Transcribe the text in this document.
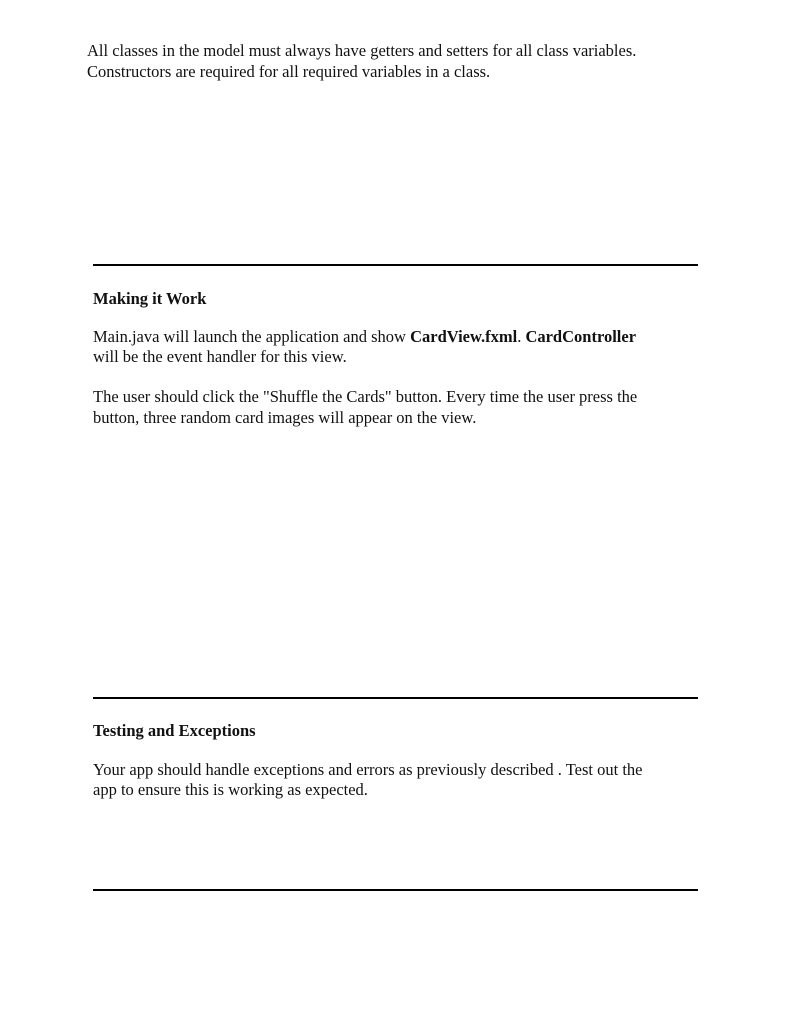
All classes in the model must always have getters and setters for all class variables.
Constructors are required for all required variables in a class.
Making it Work
Main.java will launch the application and show CardView.fxml. CardController
will be the event handler for this view.
The user should click the "Shuffle the Cards" button. Every time the user press the
button, three random card images will appear on the view.
Testing and Exceptions
Your app should handle exceptions and errors as previously described . Test out the
app to ensure this is working as expected.
